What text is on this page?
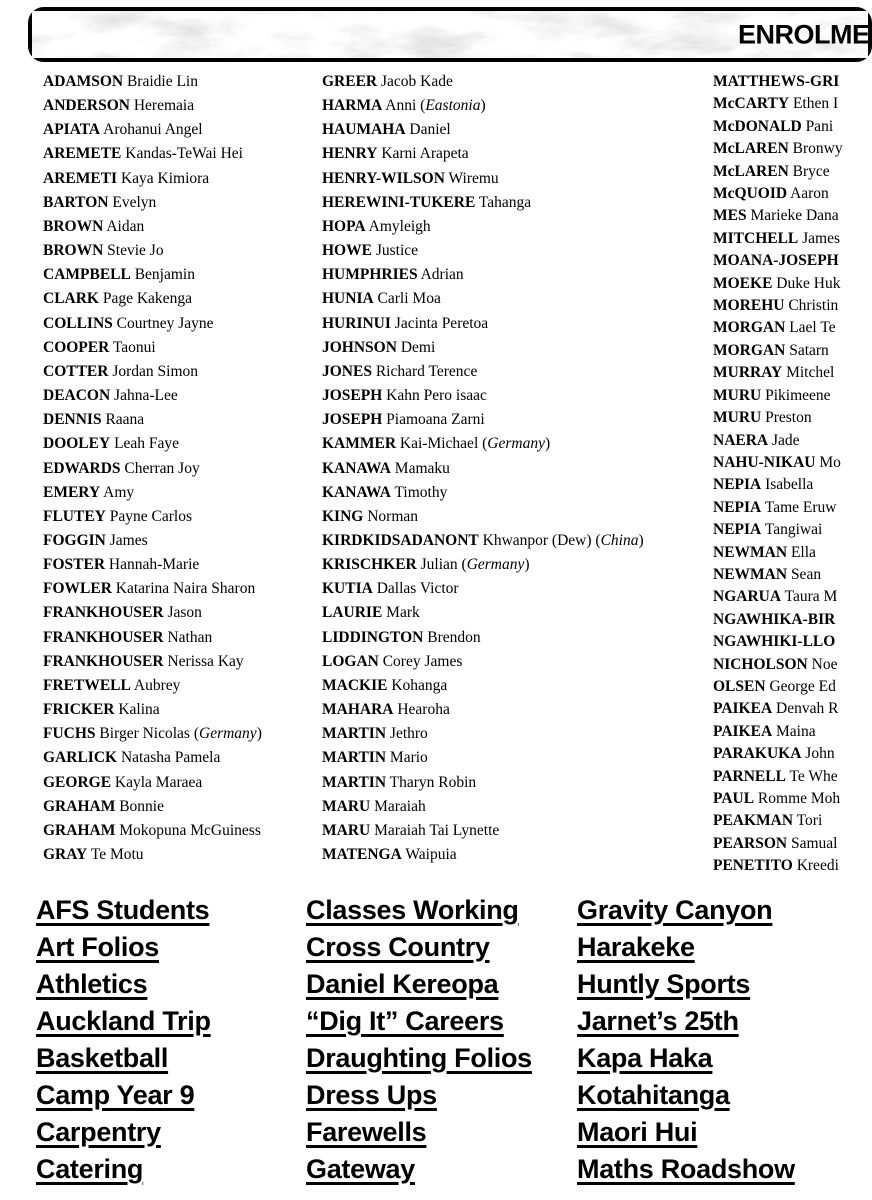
ENROLME
ADAMSON Braidie Lin
ANDERSON Heremaia
APIATA Arohanui Angel
AREMETE Kandas-TeWai Hei
AREMETI Kaya Kimiora
BARTON Evelyn
BROWN Aidan
BROWN Stevie Jo
CAMPBELL Benjamin
CLARK Page Kakenga
COLLINS Courtney Jayne
COOPER Taonui
COTTER Jordan Simon
DEACON Jahna-Lee
DENNIS Raana
DOOLEY Leah Faye
EDWARDS Cherran Joy
EMERY Amy
FLUTEY Payne Carlos
FOGGIN James
FOSTER Hannah-Marie
FOWLER Katarina Naira Sharon
FRANKHOUSER Jason
FRANKHOUSER Nathan
FRANKHOUSER Nerissa Kay
FRETWELL Aubrey
FRICKER Kalina
FUCHS Birger Nicolas (Germany)
GARLICK Natasha Pamela
GEORGE Kayla Maraea
GRAHAM Bonnie
GRAHAM Mokopuna McGuiness
GRAY Te Motu
GREER Jacob Kade
HARMA Anni (Eastonia)
HAUMAHA Daniel
HENRY Karni Arapeta
HENRY-WILSON Wiremu
HEREWINI-TUKERE Tahanga
HOPA Amyleigh
HOWE Justice
HUMPHRIES Adrian
HUNIA Carli Moa
HURINUI Jacinta Peretoa
JOHNSON Demi
JONES Richard Terence
JOSEPH Kahn Pero isaac
JOSEPH Piamoana Zarni
KAMMER Kai-Michael (Germany)
KANAWA Mamaku
KANAWA Timothy
KING Norman
KIRDKIDSADANONT Khwanpor (Dew) (China)
KRISCHKER Julian (Germany)
KUTIA Dallas Victor
LAURIE Mark
LIDDINGTON Brendon
LOGAN Corey James
MACKIE Kohanga
MAHARA Hearoha
MARTIN Jethro
MARTIN Mario
MARTIN Tharyn Robin
MARU Maraiah
MARU Maraiah Tai Lynette
MATENGA Waipuia
MATTHEWS-GRI
McCARTY Ethen I
McDONALD Pani
McLAREN Bronwy
McLAREN Bryce
McQUOID Aaron
MES Marieke Dana
MITCHELL James
MOANA-JOSEPH
MOEKE Duke Huk
MOREHU Christin
MORGAN Lael Te
MORGAN Satarn
MURRAY Mitchel
MURU Pikimeene
MURU Preston
NAERA Jade
NAHU-NIKAU Mo
NEPIA Isabella
NEPIA Tame Eruw
NEPIA Tangiwai
NEWMAN Ella
NEWMAN Sean
NGARUA Taura M
NGAWHIKA-BIR
NGAWHIKI-LLO
NICHOLSON Noe
OLSEN George Ed
PAIKEA Denvah R
PAIKEA Maina
PARAKUKA John
PARNELL Te Whe
PAUL Romme Moh
PEAKMAN Tori
PEARSON Samual
PENETITO Kreedi
AFS Students
Art Folios
Athletics
Auckland Trip
Basketball
Camp Year 9
Carpentry
Catering
Classes Working
Cross Country
Daniel Kereopa
“Dig It” Careers
Draughting Folios
Dress Ups
Farewells
Gateway
Gravity Canyon
Harakeke
Huntly Sports
Jarnet’s 25th
Kapa Haka
Kotahitanga
Maori Hui
Maths Roadshow
